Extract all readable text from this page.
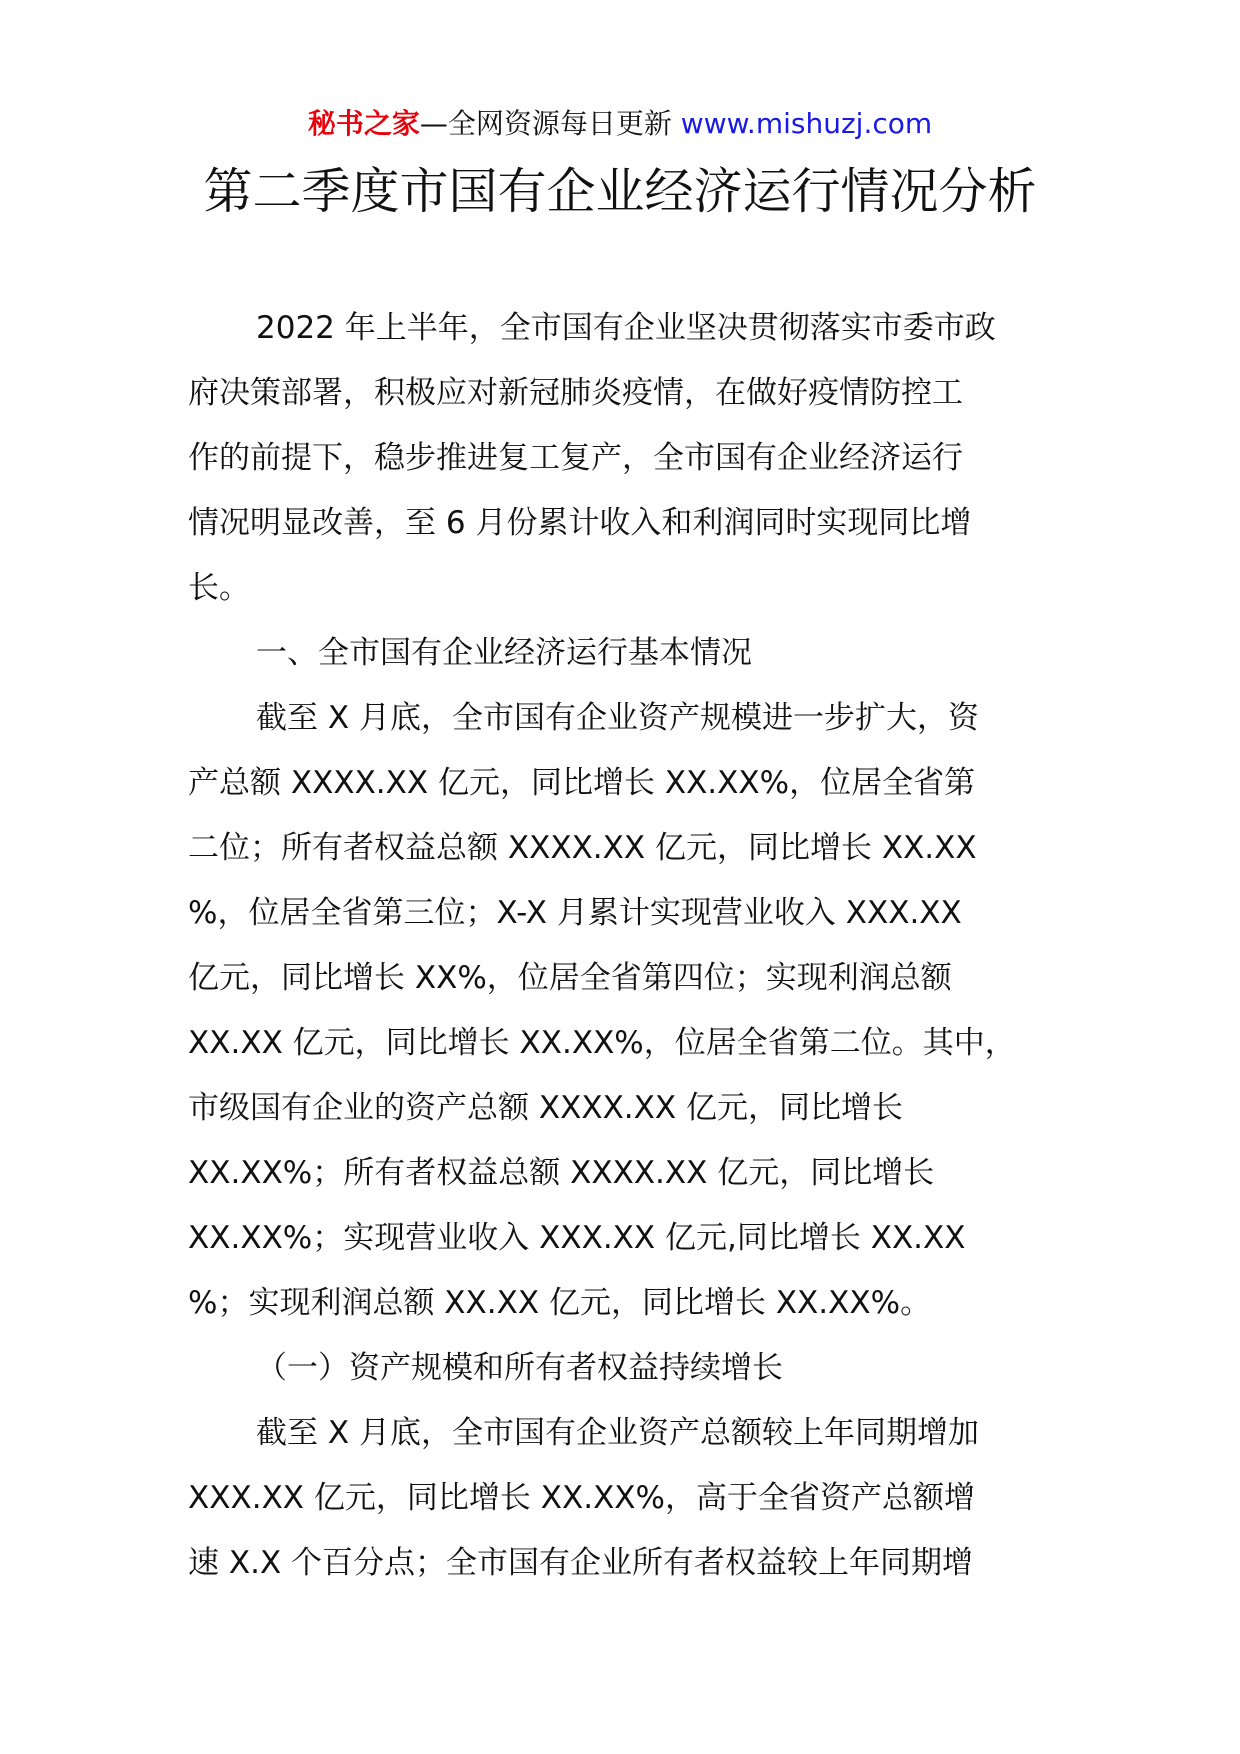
秘书之家—全网资源每日更新 www.mishuzj.com
第二季度市国有企业经济运行情况分析

2022 年上半年，全市国有企业坚决贯彻落实市委市政
府决策部署，积极应对新冠肺炎疫情，在做好疫情防控工
作的前提下，稳步推进复工复产，全市国有企业经济运行
情况明显改善，至 6 月份累计收入和利润同时实现同比增
长。

一、全市国有企业经济运行基本情况

截至 X 月底，全市国有企业资产规模进一步扩大，资
产总额 XXXX.XX 亿元，同比增长 XX.XX%，位居全省第
二位；所有者权益总额 XXXX.XX 亿元，同比增长 XX.XX
%，位居全省第三位；X-X 月累计实现营业收入 XXX.XX
亿元，同比增长 XX%，位居全省第四位；实现利润总额
XX.XX 亿元，同比增长 XX.XX%，位居全省第二位。其中，
市级国有企业的资产总额 XXXX.XX 亿元，同比增长
XX.XX%；所有者权益总额 XXXX.XX 亿元，同比增长
XX.XX%；实现营业收入 XXX.XX 亿元,同比增长 XX.XX
%；实现利润总额 XX.XX 亿元，同比增长 XX.XX%。

（一）资产规模和所有者权益持续增长

截至 X 月底，全市国有企业资产总额较上年同期增加
XXX.XX 亿元，同比增长 XX.XX%，高于全省资产总额增
速 X.X 个百分点；全市国有企业所有者权益较上年同期增
